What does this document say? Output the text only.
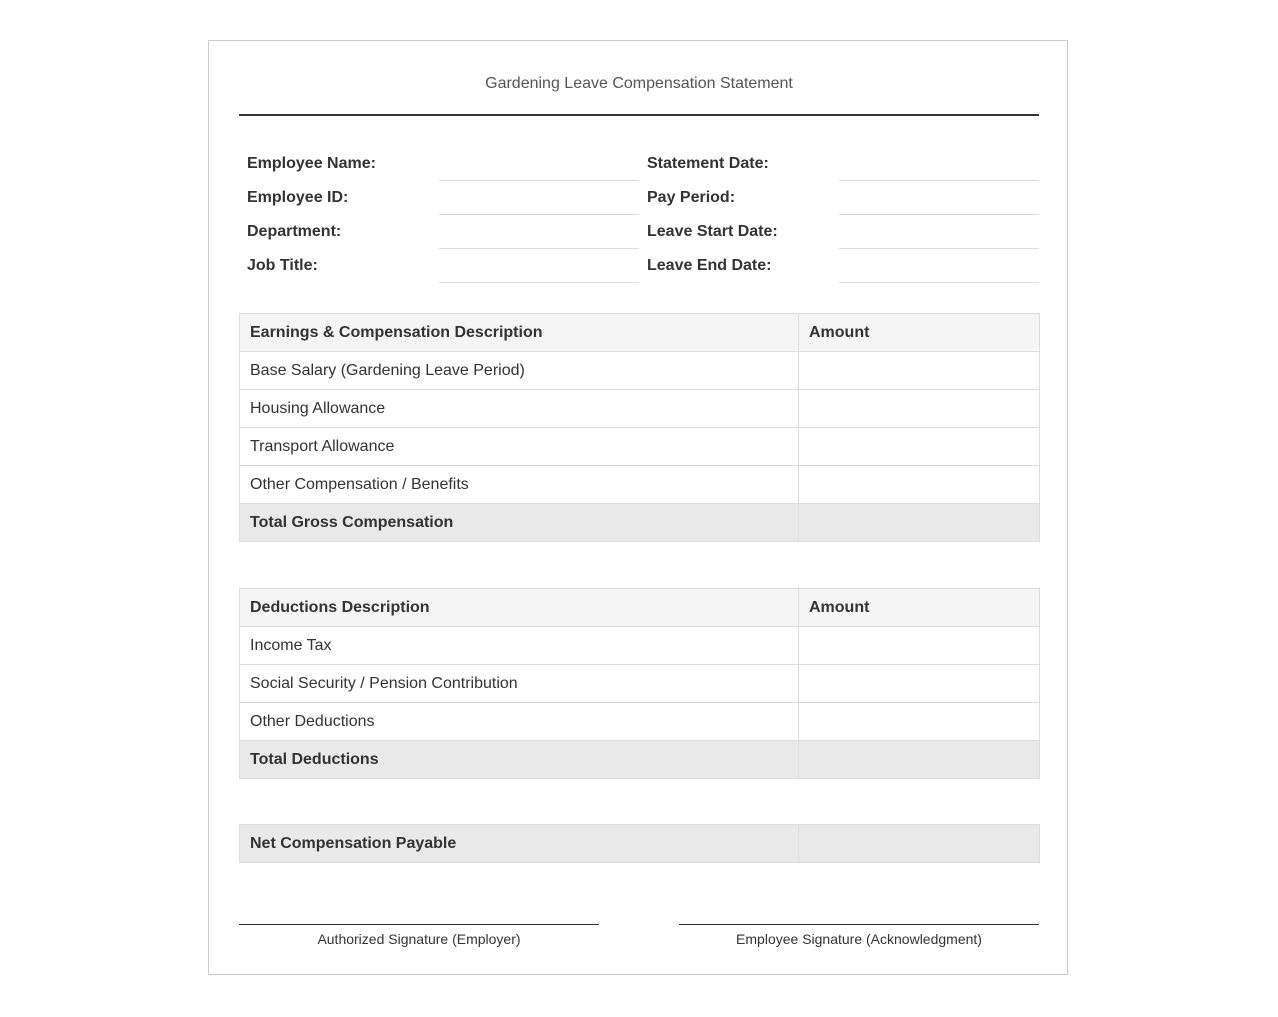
Gardening Leave Compensation Statement
Employee Name:	Statement Date:
Employee ID:	Pay Period:
Department:	Leave Start Date:
Job Title:	Leave End Date:
Earnings & Compensation Description	Amount
Base Salary (Gardening Leave Period)	
Housing Allowance	
Transport Allowance	
Other Compensation / Benefits	
Total Gross Compensation	
Deductions Description	Amount
Income Tax	
Social Security / Pension Contribution	
Other Deductions	
Total Deductions	
Net Compensation Payable	
Authorized Signature (Employer)	Employee Signature (Acknowledgment)
